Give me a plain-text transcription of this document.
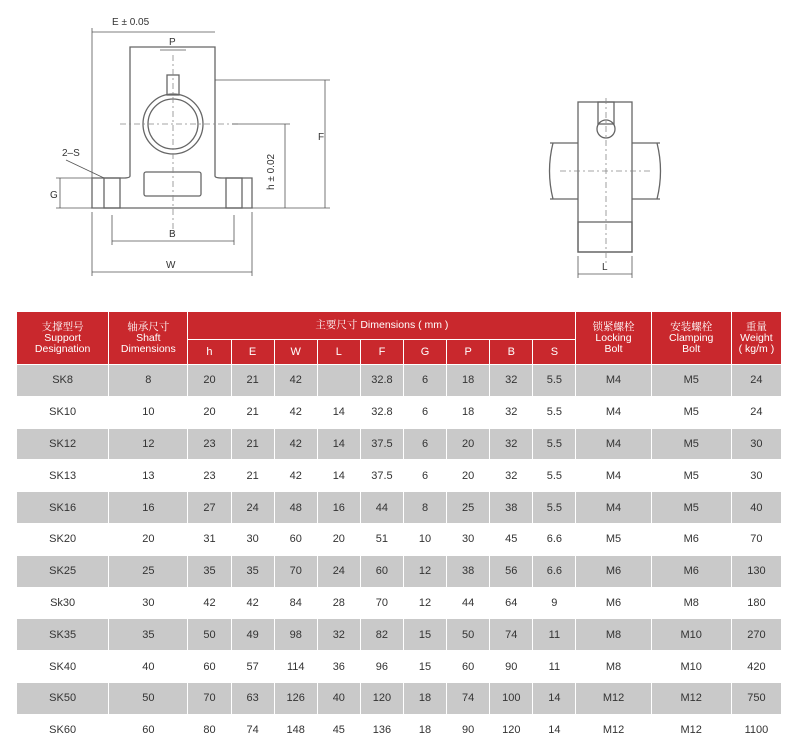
E ± 0.05
P
F
h ± 0.02
2–S
G
B
W	L
支撑型号
Support
Designation	轴承尺寸
Shaft
Dimensions	主要尺寸 Dimensions ( mm )									锁紧螺栓
Locking
Bolt	安装螺栓
Clamping
Bolt	重量
Weight
( kg/m )

		h	E	W	L	F	G	P	B	S			
SK8	8	20	21	42		32.8	6	18	32	5.5	M4	M5	24
SK10	10	20	21	42	14	32.8	6	18	32	5.5	M4	M5	24
SK12	12	23	21	42	14	37.5	6	20	32	5.5	M4	M5	30
SK13	13	23	21	42	14	37.5	6	20	32	5.5	M4	M5	30
SK16	16	27	24	48	16	44	8	25	38	5.5	M4	M5	40
SK20	20	31	30	60	20	51	10	30	45	6.6	M5	M6	70
SK25	25	35	35	70	24	60	12	38	56	6.6	M6	M6	130
Sk30	30	42	42	84	28	70	12	44	64	9	M6	M8	180
SK35	35	50	49	98	32	82	15	50	74	11	M8	M10	270
SK40	40	60	57	114	36	96	15	60	90	11	M8	M10	420
SK50	50	70	63	126	40	120	18	74	100	14	M12	M12	750
SK60	60	80	74	148	45	136	18	90	120	14	M12	M12	1100
